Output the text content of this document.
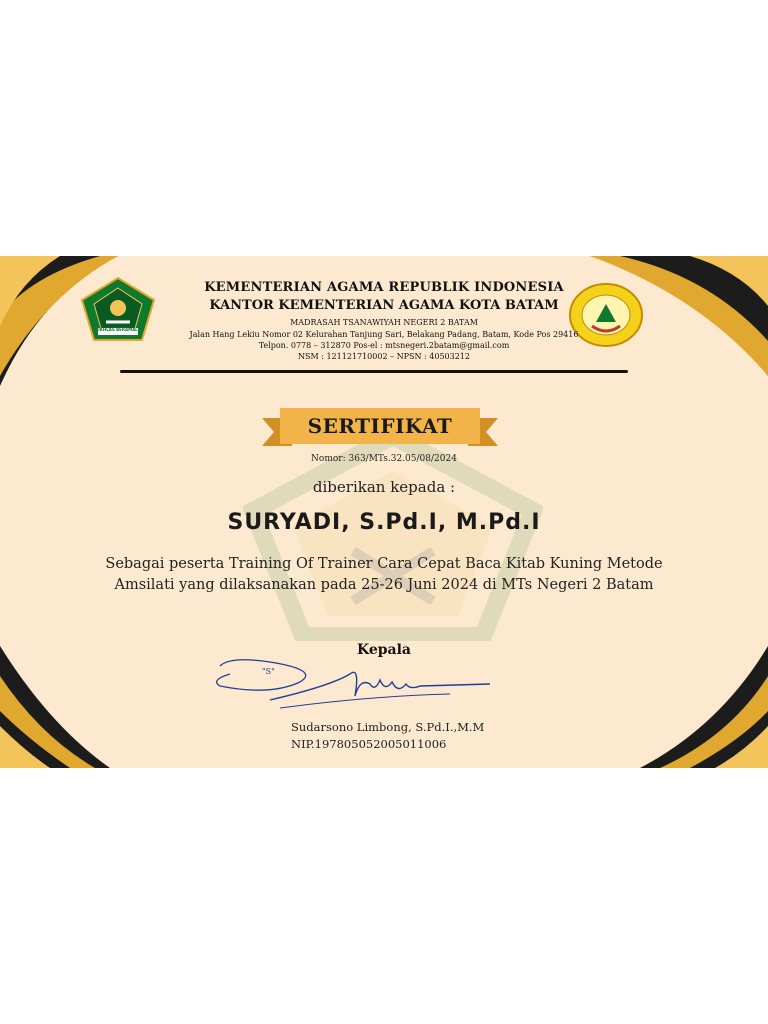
IKHLAS BERAMAL
KEMENTERIAN AGAMA REPUBLIK INDONESIA
KANTOR KEMENTERIAN AGAMA KOTA BATAM
MADRASAH TSANAWIYAH NEGERI 2 BATAM
Jalan Hang Lekiu Nomor 02 Kelurahan Tanjung Sari, Belakang Padang, Batam, Kode Pos 29416
Telpon. 0778 – 312870 Pos-el : mtsnegeri.2batam@gmail.com
NSM : 121121710002 – NPSN : 40503212
SERTIFIKAT
Nomor: 363/MTs.32.05/08/2024
diberikan kepada :
SURYADI, S.Pd.I, M.Pd.I
Sebagai peserta Training Of Trainer Cara Cepat Baca Kitab Kuning Metode Amsilati yang dilaksanakan pada 25-26 Juni 2024 di MTs Negeri 2 Batam
Kepala
"S"
Sudarsono Limbong, S.Pd.I.,M.M
NIP.197805052005011006
